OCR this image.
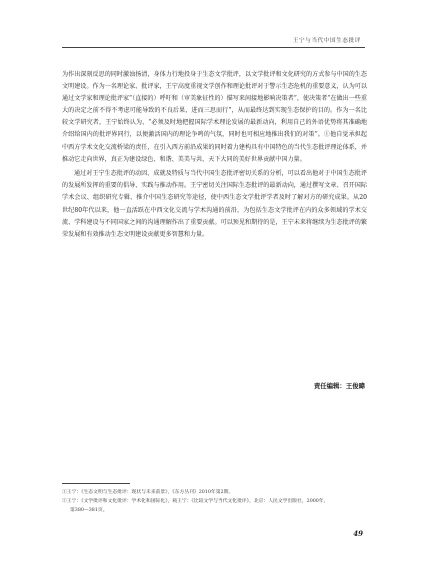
王宁与当代中国生态批评

为作出深刻反思的同时激浊扬清，身体力行地投身于生态文学批评，以文学批评和文化研究的方式参与中国的生态文明建设。作为一名理论家、批评家，王宁高度重视文学创作和理论批评对于警示生态危机的重要意义，认为可以通过文学家和理论批评家“（直接的）呼吁和（审美象征性的）描写来间接地影响决策者”，使决策者“在做出一些重大的决定之前不得不考虑可能导致的不良后果，进而三思而行”，从而最终达到实现生态保护的目的。作为一名比较文学研究者，王宁始终认为，“必须及时地把握国际学术理论发展的最新动向，利用自己的外语优势将其准确地介绍给国内的批评界同行，以便激活国内的理论争鸣的气氛，同时也可相应地推出我们的对策”。①他自觉承担起中西方学术文化交流桥梁的责任，在引入西方前沿成果的同时着力建构具有中国特色的当代生态批评理论体系，并推动它走向世界，真正为建设绿色、和谐、美美与共、天下大同的美好世界贡献中国力量。

通过对王宁生态批评的动因、成就及特质与当代中国生态批评密切关系的分析，可以看出他对于中国生态批评的发展所发挥的重要的倡导、实践与推动作用。王宁密切关注国际生态批评的最新动向，通过撰写文章、召开国际学术会议、组织研究专辑、推介中国生态研究等途径，使中西生态文学批评学者及时了解对方的研究成果。从20世纪80年代以来，他一直活跃在中西文化交流与学术沟通的前沿，为包括生态文学批评在内的众多领域的学术交流、学科建设与不同国家之间的沟通理解作出了重要贡献。可以预见和期待的是，王宁未来将继续为生态批评的繁荣发展和有效推动生态文明建设贡献更多智慧和力量。

责任编辑：王俊暐
①王宁：《生态文明与生态批评：现状与未来前景》，《东方丛刊》2010年第2期。
②王宁：《文学批评和文化批评：学术化和国际化》，载王宁：《比较文学与当代文化批评》，北京：人民文学出版社，2000年，
第380—381页。
49
